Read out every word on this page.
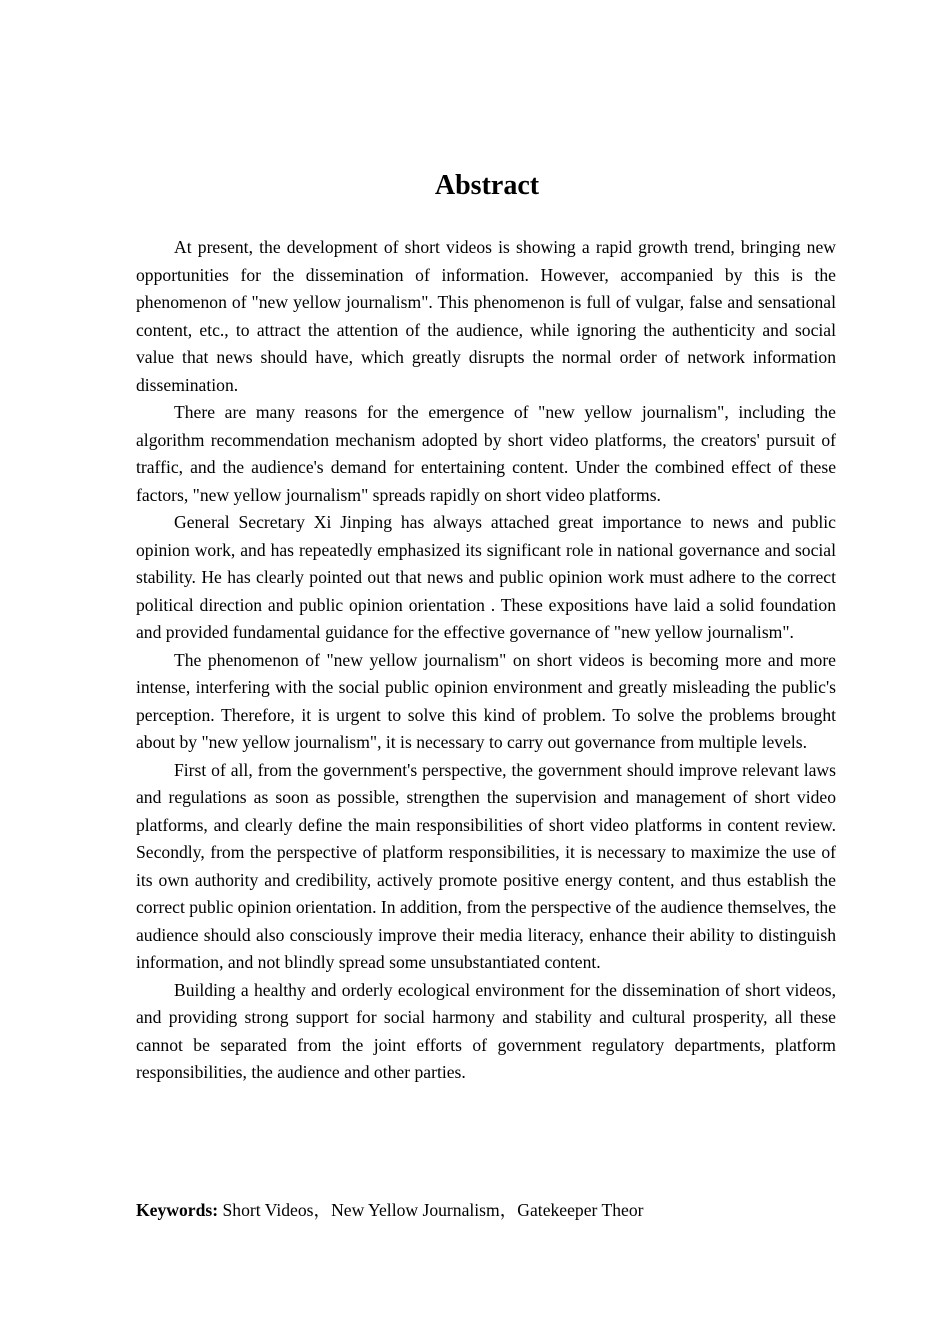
Abstract

At present, the development of short videos is showing a rapid growth trend, bringing new opportunities for the dissemination of information. However, accompanied by this is the phenomenon of "new yellow journalism". This phenomenon is full of vulgar, false and sensational content, etc., to attract the attention of the audience, while ignoring the authenticity and social value that news should have, which greatly disrupts the normal order of network information dissemination.

There are many reasons for the emergence of "new yellow journalism", including the algorithm recommendation mechanism adopted by short video platforms, the creators' pursuit of traffic, and the audience's demand for entertaining content. Under the combined effect of these factors, "new yellow journalism" spreads rapidly on short video platforms.

General Secretary Xi Jinping has always attached great importance to news and public opinion work, and has repeatedly emphasized its significant role in national governance and social stability. He has clearly pointed out that news and public opinion work must adhere to the correct political direction and public opinion orientation . These expositions have laid a solid foundation and provided fundamental guidance for the effective governance of "new yellow journalism".

The phenomenon of "new yellow journalism" on short videos is becoming more and more intense, interfering with the social public opinion environment and greatly misleading the public's perception. Therefore, it is urgent to solve this kind of problem. To solve the problems brought about by "new yellow journalism", it is necessary to carry out governance from multiple levels.

First of all, from the government's perspective, the government should improve relevant laws and regulations as soon as possible, strengthen the supervision and management of short video platforms, and clearly define the main responsibilities of short video platforms in content review. Secondly, from the perspective of platform responsibilities, it is necessary to maximize the use of its own authority and credibility, actively promote positive energy content, and thus establish the correct public opinion orientation. In addition, from the perspective of the audience themselves, the audience should also consciously improve their media literacy, enhance their ability to distinguish information, and not blindly spread some unsubstantiated content.

Building a healthy and orderly ecological environment for the dissemination of short videos, and providing strong support for social harmony and stability and cultural prosperity, all these cannot be separated from the joint efforts of government regulatory departments, platform responsibilities, the audience and other parties.

Keywords: Short Videos，New Yellow Journalism，Gatekeeper Theor
